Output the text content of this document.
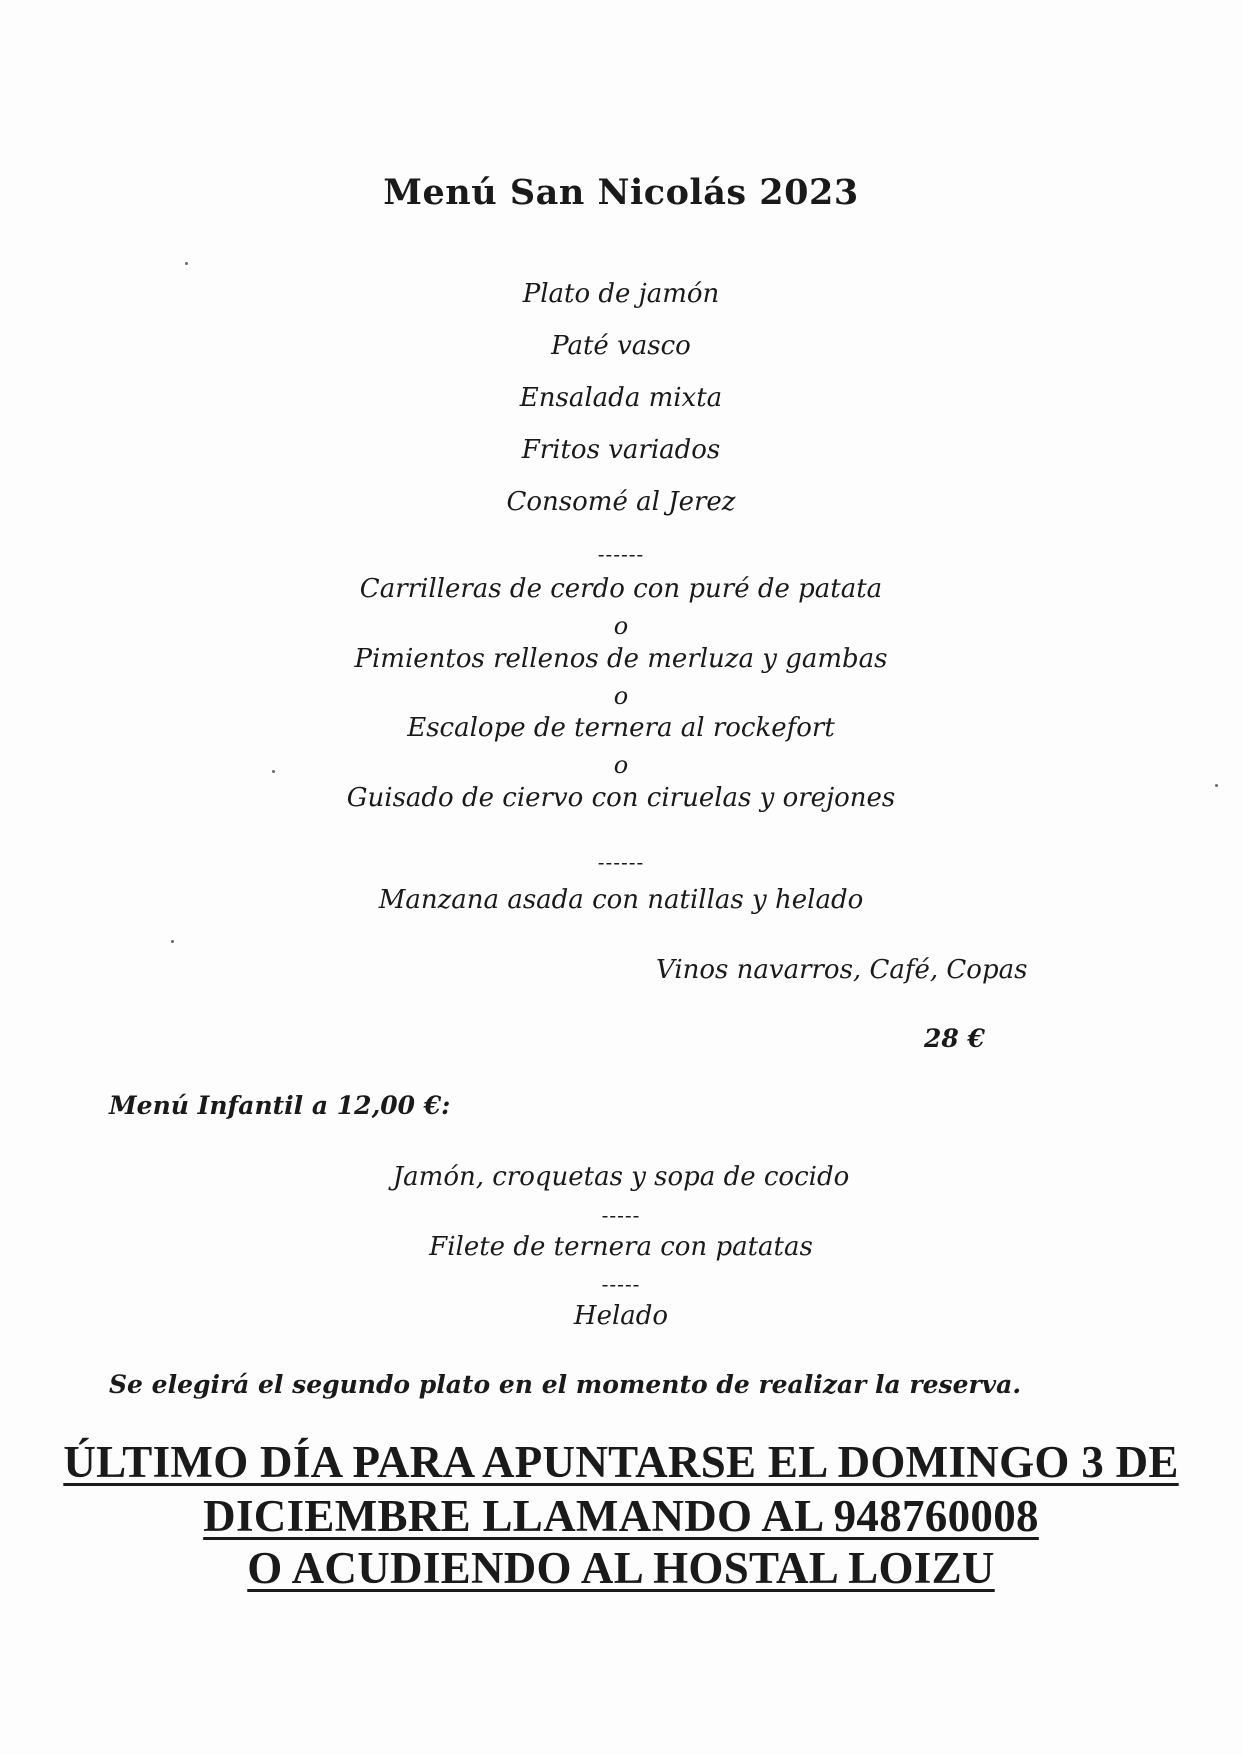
Menú San Nicolás 2023
Plato de jamón
Paté vasco
Ensalada mixta
Fritos variados
Consomé al Jerez
------
Carrilleras de cerdo con puré de patata
o
Pimientos rellenos de merluza y gambas
o
Escalope de ternera al rockefort
o
Guisado de ciervo con ciruelas y orejones
------
Manzana asada con natillas y helado
Vinos navarros, Café, Copas
28 €
Menú Infantil a 12,00 €:
Jamón, croquetas y sopa de cocido
-----
Filete de ternera con patatas
-----
Helado
Se elegirá el segundo plato en el momento de realizar la reserva.
ÚLTIMO DÍA PARA APUNTARSE EL DOMINGO 3 DE
DICIEMBRE LLAMANDO AL 948760008
O ACUDIENDO AL HOSTAL LOIZU
